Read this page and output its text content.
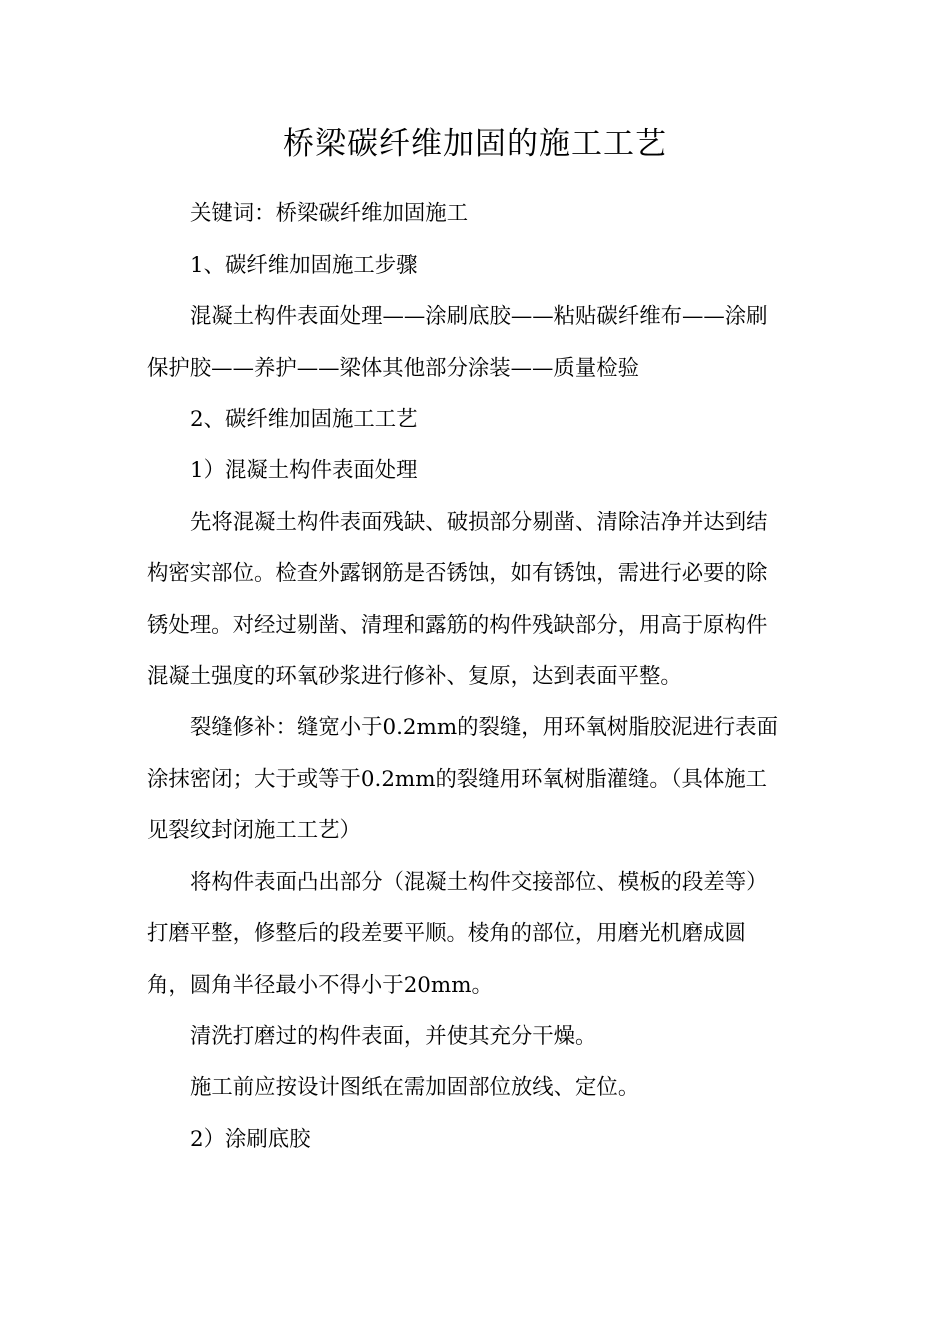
桥梁碳纤维加固的施工工艺
关键词：桥梁碳纤维加固施工
1、碳纤维加固施工步骤
混凝土构件表面处理——涂刷底胶——粘贴碳纤维布——涂刷
保护胶——养护——梁体其他部分涂装——质量检验
2、碳纤维加固施工工艺
1）混凝土构件表面处理
先将混凝土构件表面残缺、破损部分剔凿、清除洁净并达到结
构密实部位。检查外露钢筋是否锈蚀，如有锈蚀，需进行必要的除
锈处理。对经过剔凿、清理和露筋的构件残缺部分，用高于原构件
混凝土强度的环氧砂浆进行修补、复原，达到表面平整。
裂缝修补：缝宽小于0.2mm的裂缝，用环氧树脂胶泥进行表面
涂抹密闭；大于或等于0.2mm的裂缝用环氧树脂灌缝。（具体施工
见裂纹封闭施工工艺）
将构件表面凸出部分（混凝土构件交接部位、模板的段差等）
打磨平整，修整后的段差要平顺。棱角的部位，用磨光机磨成圆
角，圆角半径最小不得小于20mm。
清洗打磨过的构件表面，并使其充分干燥。
施工前应按设计图纸在需加固部位放线、定位。
2）涂刷底胶
